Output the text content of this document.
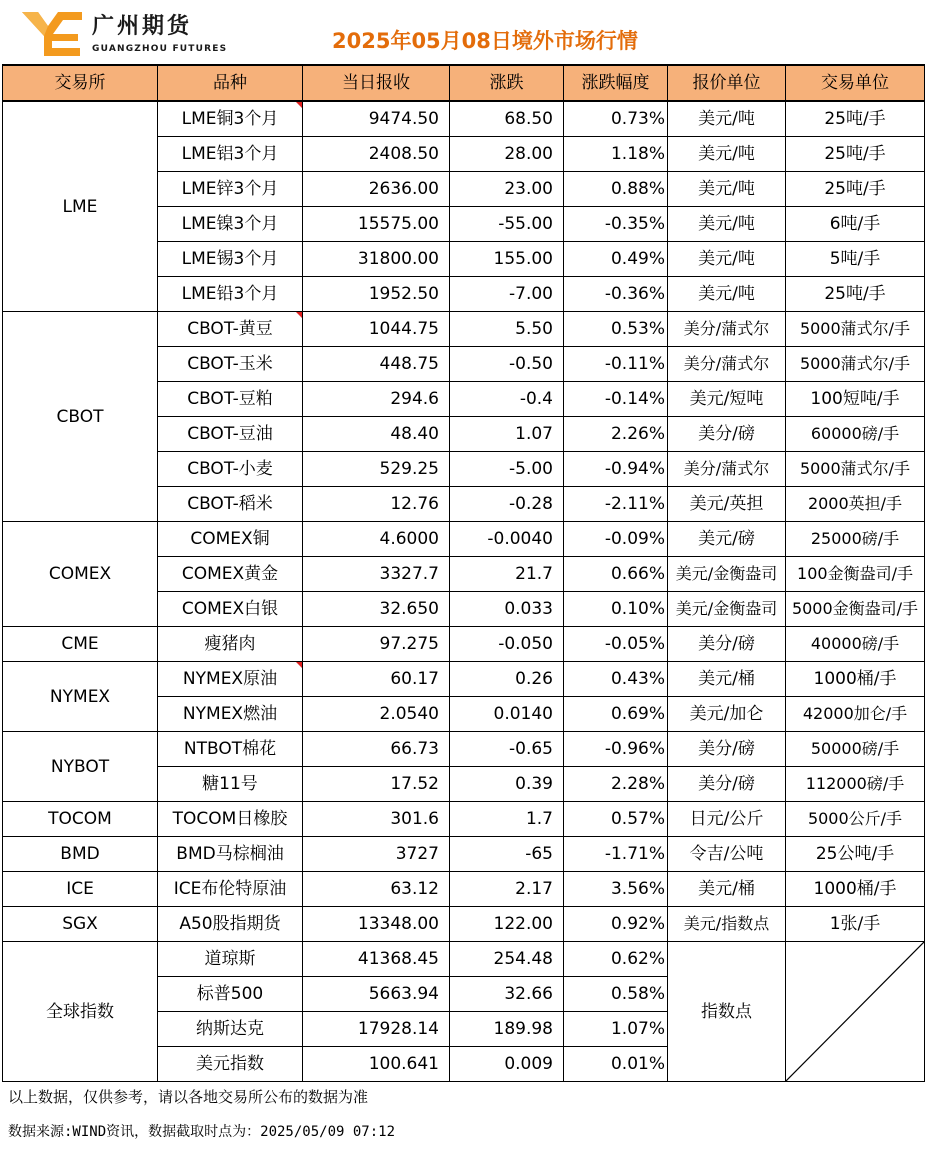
广州期货
GUANGZHOU FUTURES	2025年05月08日境外市场行情
交易所	品种	当日报收	涨跌	涨跌幅度	报价单位	交易单位
LME	LME铜3个月	9474.50	68.50	0.73%	美元/吨	25吨/手
	LME铝3个月	2408.50	28.00	1.18%	美元/吨	25吨/手
	LME锌3个月	2636.00	23.00	0.88%	美元/吨	25吨/手
	LME镍3个月	15575.00	-55.00	-0.35%	美元/吨	6吨/手
	LME锡3个月	31800.00	155.00	0.49%	美元/吨	5吨/手
	LME铅3个月	1952.50	-7.00	-0.36%	美元/吨	25吨/手
CBOT	CBOT-黄豆	1044.75	5.50	0.53%	美分/蒲式尔	5000蒲式尔/手
	CBOT-玉米	448.75	-0.50	-0.11%	美分/蒲式尔	5000蒲式尔/手
	CBOT-豆粕	294.6	-0.4	-0.14%	美元/短吨	100短吨/手
	CBOT-豆油	48.40	1.07	2.26%	美分/磅	60000磅/手
	CBOT-小麦	529.25	-5.00	-0.94%	美分/蒲式尔	5000蒲式尔/手
	CBOT-稻米	12.76	-0.28	-2.11%	美元/英担	2000英担/手
COMEX	COMEX铜	4.6000	-0.0040	-0.09%	美元/磅	25000磅/手
	COMEX黄金	3327.7	21.7	0.66%	美元/金衡盎司	100金衡盎司/手
	COMEX白银	32.650	0.033	0.10%	美元/金衡盎司	5000金衡盎司/手
CME	瘦猪肉	97.275	-0.050	-0.05%	美分/磅	40000磅/手
NYMEX	NYMEX原油	60.17	0.26	0.43%	美元/桶	1000桶/手
	NYMEX燃油	2.0540	0.0140	0.69%	美元/加仑	42000加仑/手
NYBOT	NTBOT棉花	66.73	-0.65	-0.96%	美分/磅	50000磅/手
	糖11号	17.52	0.39	2.28%	美分/磅	112000磅/手
TOCOM	TOCOM日橡胶	301.6	1.7	0.57%	日元/公斤	5000公斤/手
BMD	BMD马棕榈油	3727	-65	-1.71%	令吉/公吨	25公吨/手
ICE	ICE布伦特原油	63.12	2.17	3.56%	美元/桶	1000桶/手
SGX	A50股指期货	13348.00	122.00	0.92%	美元/指数点	1张/手
全球指数	道琼斯	41368.45	254.48	0.62%	指数点	

	标普500	5663.94	32.66	0.58%		
	纳斯达克	17928.14	189.98	1.07%		
	美元指数	100.641	0.009	0.01%		
以上数据，仅供参考，请以各地交易所公布的数据为准
数据来源:WIND资讯，数据截取时点为：2025/05/09 07:12
